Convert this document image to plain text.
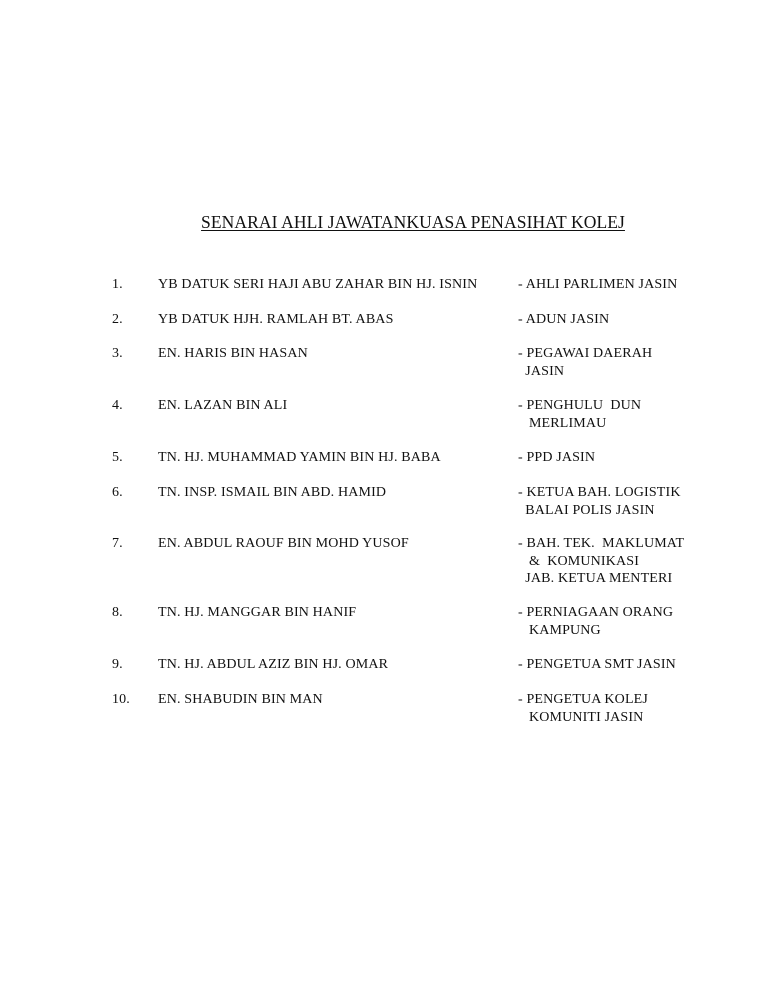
SENARAI AHLI JAWATANKUASA PENASIHAT KOLEJ
1.	YB DATUK SERI HAJI ABU ZAHAR BIN HJ. ISNIN	- AHLI PARLIMEN JASIN
2.	YB DATUK HJH. RAMLAH BT. ABAS	- ADUN JASIN
3.	EN. HARIS BIN HASAN	- PEGAWAI DAERAH
JASIN
4.	EN. LAZAN BIN ALI	- PENGHULU  DUN
MERLIMAU
5.	TN. HJ. MUHAMMAD YAMIN BIN HJ. BABA	- PPD JASIN
6.	TN. INSP. ISMAIL BIN ABD. HAMID	- KETUA BAH. LOGISTIK
BALAI POLIS JASIN
7.	EN. ABDUL RAOUF BIN MOHD YUSOF	- BAH. TEK.  MAKLUMAT
&  KOMUNIKASI
JAB. KETUA MENTERI
8.	TN. HJ. MANGGAR BIN HANIF	- PERNIAGAAN ORANG
KAMPUNG
9.	TN. HJ. ABDUL AZIZ BIN HJ. OMAR	- PENGETUA SMT JASIN
10. EN. SHABUDIN BIN MAN	- PENGETUA KOLEJ
KOMUNITI JASIN
